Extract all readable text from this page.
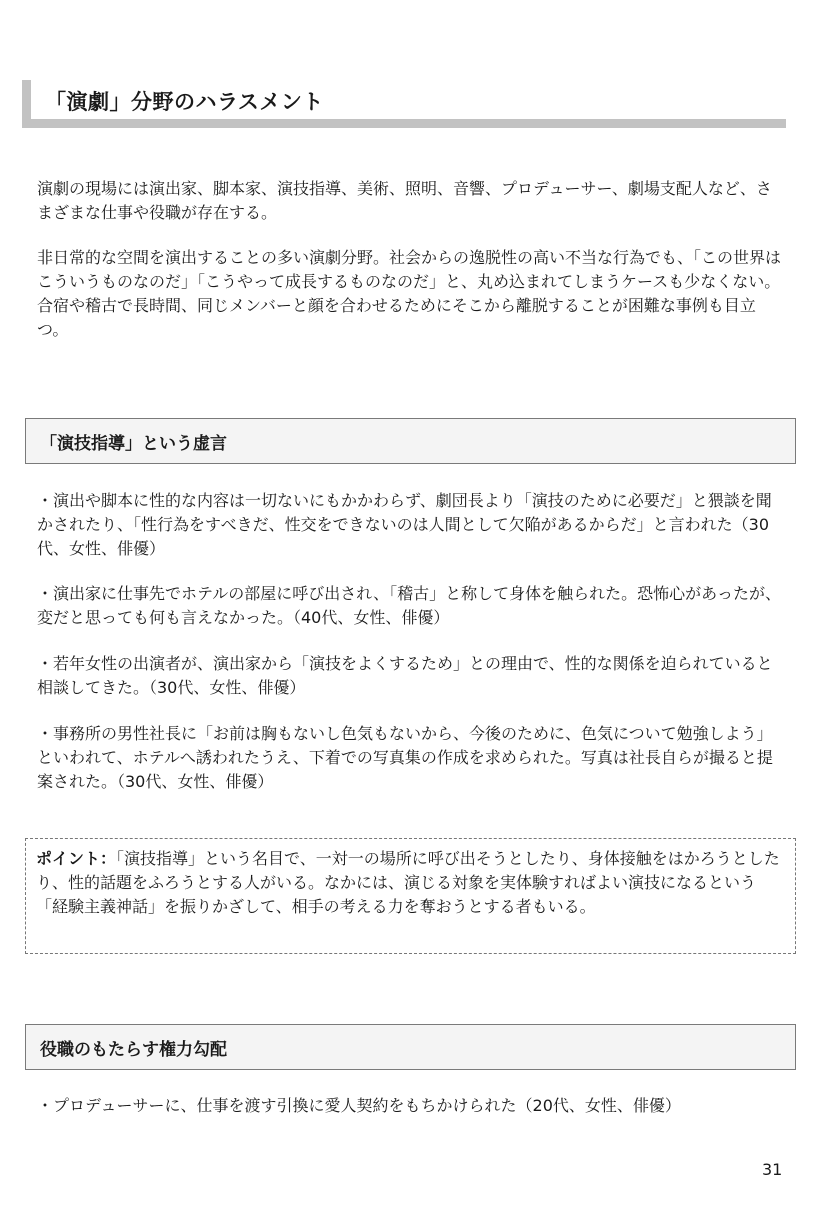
「演劇」分野のハラスメント

演劇の現場には演出家、脚本家、演技指導、美術、照明、音響、プロデューサー、劇場支配人など、さまざまな仕事や役職が存在する。

非日常的な空間を演出することの多い演劇分野。社会からの逸脱性の高い不当な行為でも、「この世界はこういうものなのだ」「こうやって成長するものなのだ」と、丸め込まれてしまうケースも少なくない。合宿や稽古で長時間、同じメンバーと顔を合わせるためにそこから離脱することが困難な事例も目立つ。

「演技指導」という虚言

・演出や脚本に性的な内容は一切ないにもかかわらず、劇団長より「演技のために必要だ」と猥談を聞かされたり、「性行為をすべきだ、性交をできないのは人間として欠陥があるからだ」と言われた（30代、女性、俳優）

・演出家に仕事先でホテルの部屋に呼び出され、「稽古」と称して身体を触られた。恐怖心があったが、変だと思っても何も言えなかった。（40代、女性、俳優）

・若年女性の出演者が、演出家から「演技をよくするため」との理由で、性的な関係を迫られていると相談してきた。（30代、女性、俳優）

・事務所の男性社長に「お前は胸もないし色気もないから、今後のために、色気について勉強しよう」といわれて、ホテルへ誘われたうえ、下着での写真集の作成を求められた。写真は社長自らが撮ると提案された。（30代、女性、俳優）

ポイント：「演技指導」という名目で、一対一の場所に呼び出そうとしたり、身体接触をはかろうとしたり、性的話題をふろうとする人がいる。なかには、演じる対象を実体験すればよい演技になるという「経験主義神話」を振りかざして、相手の考える力を奪おうとする者もいる。

役職のもたらす権力勾配

・プロデューサーに、仕事を渡す引換に愛人契約をもちかけられた（20代、女性、俳優）

31
